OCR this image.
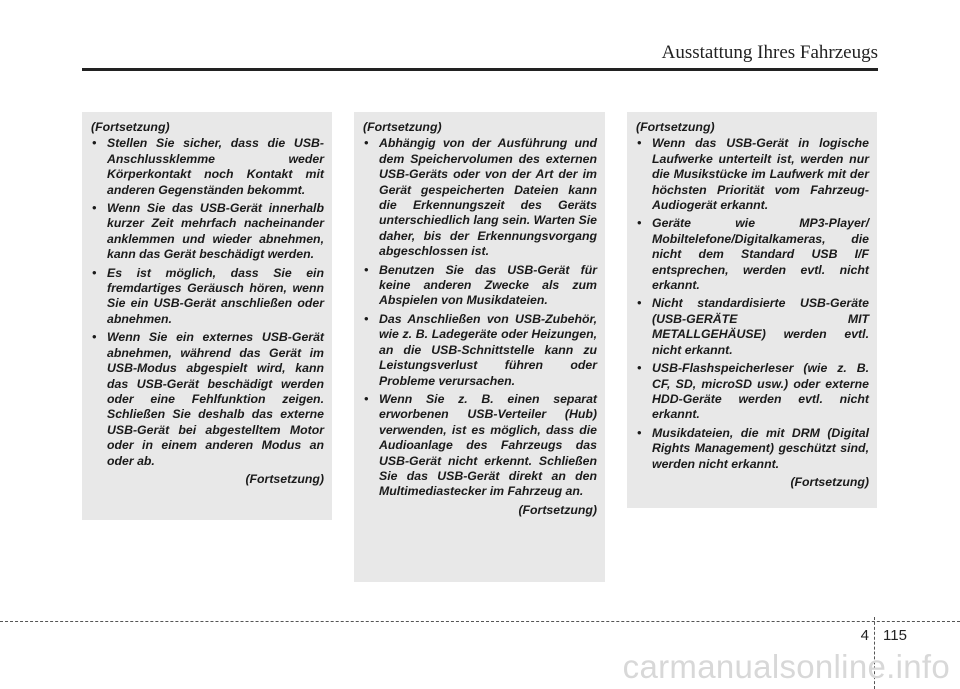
Ausstattung Ihres Fahrzeugs

(Fortsetzung)

• Stellen Sie sicher, dass die USB-Anschlussklemme weder Körperkontakt noch Kontakt mit anderen Gegenständen bekommt.
• Wenn Sie das USB-Gerät innerhalb kurzer Zeit mehrfach nacheinander anklemmen und wieder abnehmen, kann das Gerät beschädigt werden.
• Es ist möglich, dass Sie ein fremdartiges Geräusch hören, wenn Sie ein USB-Gerät anschließen oder abnehmen.
• Wenn Sie ein externes USB-Gerät abnehmen, während das Gerät im USB-Modus abgespielt wird, kann das USB-Gerät beschädigt werden oder eine Fehlfunktion zeigen. Schließen Sie deshalb das externe USB-Gerät bei abgestelltem Motor oder in einem anderen Modus an oder ab.

(Fortsetzung)

(Fortsetzung)

• Abhängig von der Ausführung und dem Speichervolumen des externen USB-Geräts oder von der Art der im Gerät gespeicherten Dateien kann die Erkennungszeit des Geräts unterschiedlich lang sein. Warten Sie daher, bis der Erkennungsvorgang abgeschlossen ist.
• Benutzen Sie das USB-Gerät für keine anderen Zwecke als zum Abspielen von Musikdateien.
• Das Anschließen von USB-Zubehör, wie z. B. Ladegeräte oder Heizungen, an die USB-Schnittstelle kann zu Leistungsverlust führen oder Probleme verursachen.
• Wenn Sie z. B. einen separat erworbenen USB-Verteiler (Hub) verwenden, ist es möglich, dass die Audioanlage des Fahrzeugs das USB-Gerät nicht erkennt. Schließen Sie das USB-Gerät direkt an den Multimediastecker im Fahrzeug an.

(Fortsetzung)

(Fortsetzung)

• Wenn das USB-Gerät in logische Laufwerke unterteilt ist, werden nur die Musikstücke im Laufwerk mit der höchsten Priorität vom Fahrzeug-Audiogerät erkannt.
• Geräte wie MP3-Player/ Mobiltelefone/Digitalkameras, die nicht dem Standard USB I/F entsprechen, werden evtl. nicht erkannt.
• Nicht standardisierte USB-Geräte (USB-GERÄTE MIT METALLGEHÄUSE) werden evtl. nicht erkannt.
• USB-Flashspeicherleser (wie z. B. CF, SD, microSD usw.) oder externe HDD-Geräte werden evtl. nicht erkannt.
• Musikdateien, die mit DRM (Digital Rights Management) geschützt sind, werden nicht erkannt.

(Fortsetzung)

4 115
carmanualsonline.info
